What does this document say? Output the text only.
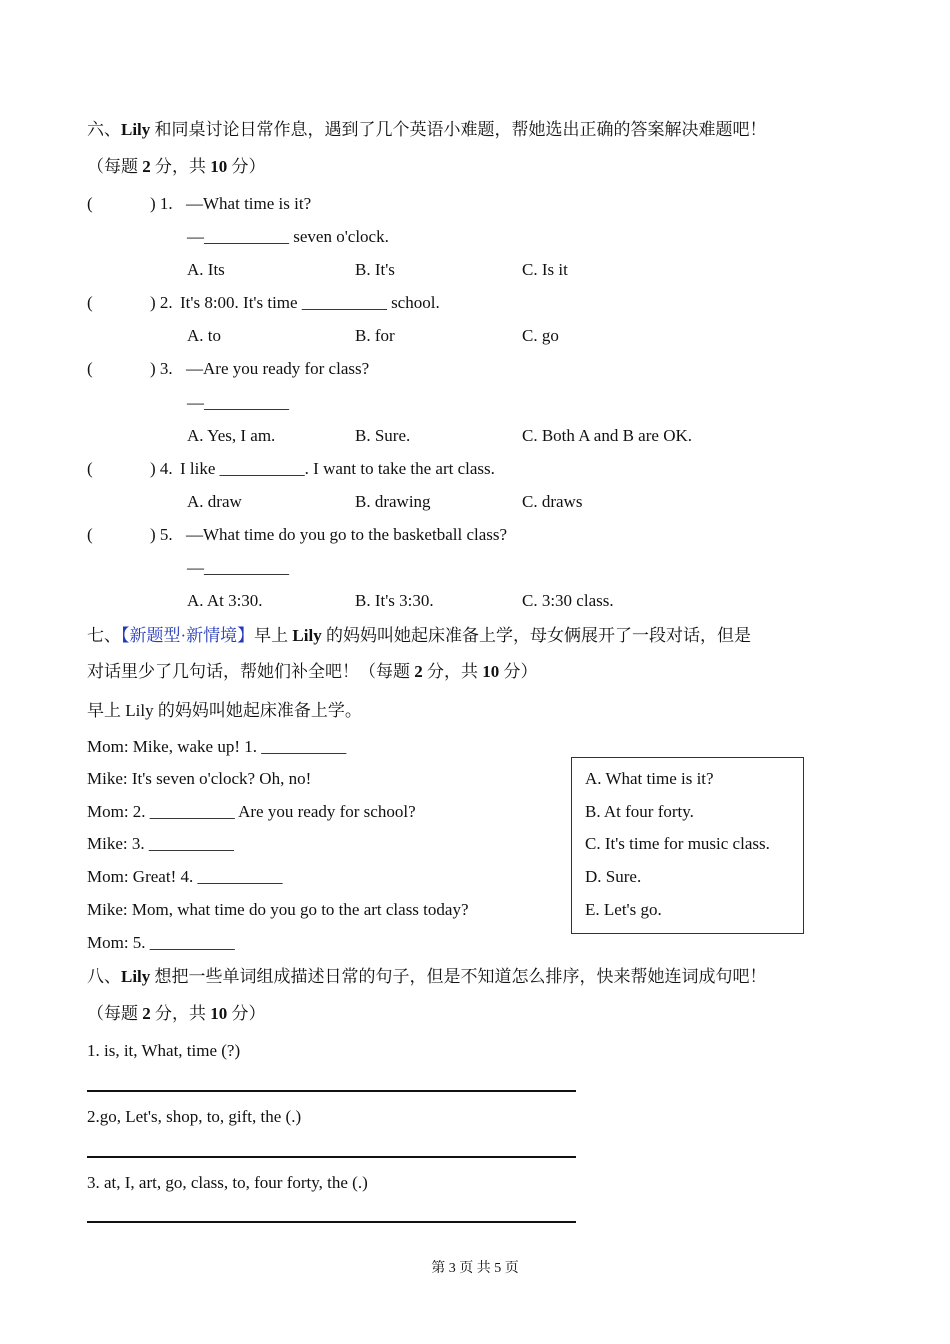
六、Lily 和同桌讨论日常作息，遇到了几个英语小难题，帮她选出正确的答案解决难题吧！
（每题 2 分，共 10 分）
(	) 1. —What time is it?
—__________ seven o'clock.
A. Its	B. It's	C. Is it
(	) 2. It's 8:00. It's time __________ school.
A. to	B. for	C. go
(	) 3. —Are you ready for class?
—__________
A. Yes, I am.	B. Sure.	C. Both A and B are OK.
(	) 4. I like __________. I want to take the art class.
A. draw	B. drawing	C. draws
(	) 5. —What time do you go to the basketball class?
—__________
A. At 3:30.	B. It's 3:30.	C. 3:30 class.
七、【新题型·新情境】早上 Lily 的妈妈叫她起床准备上学，母女俩展开了一段对话，但是
对话里少了几句话，帮她们补全吧！（每题 2 分，共 10 分）
早上 Lily 的妈妈叫她起床准备上学。
Mom: Mike, wake up! 1. __________
Mike: It's seven o'clock? Oh, no!
Mom: 2. __________ Are you ready for school?
Mike: 3. __________
Mom: Great! 4. __________
Mike: Mom, what time do you go to the art class today?
Mom: 5. __________
A. What time is it?
B. At four forty.
C. It's time for music class.
D. Sure.
E. Let's go.
八、Lily 想把一些单词组成描述日常的句子，但是不知道怎么排序，快来帮她连词成句吧！
（每题 2 分，共 10 分）
1. is, it, What, time (?)
2.go, Let's, shop, to, gift, the (.)
3. at, I, art, go, class, to, four forty, the (.)
第 3 页 共 5 页
